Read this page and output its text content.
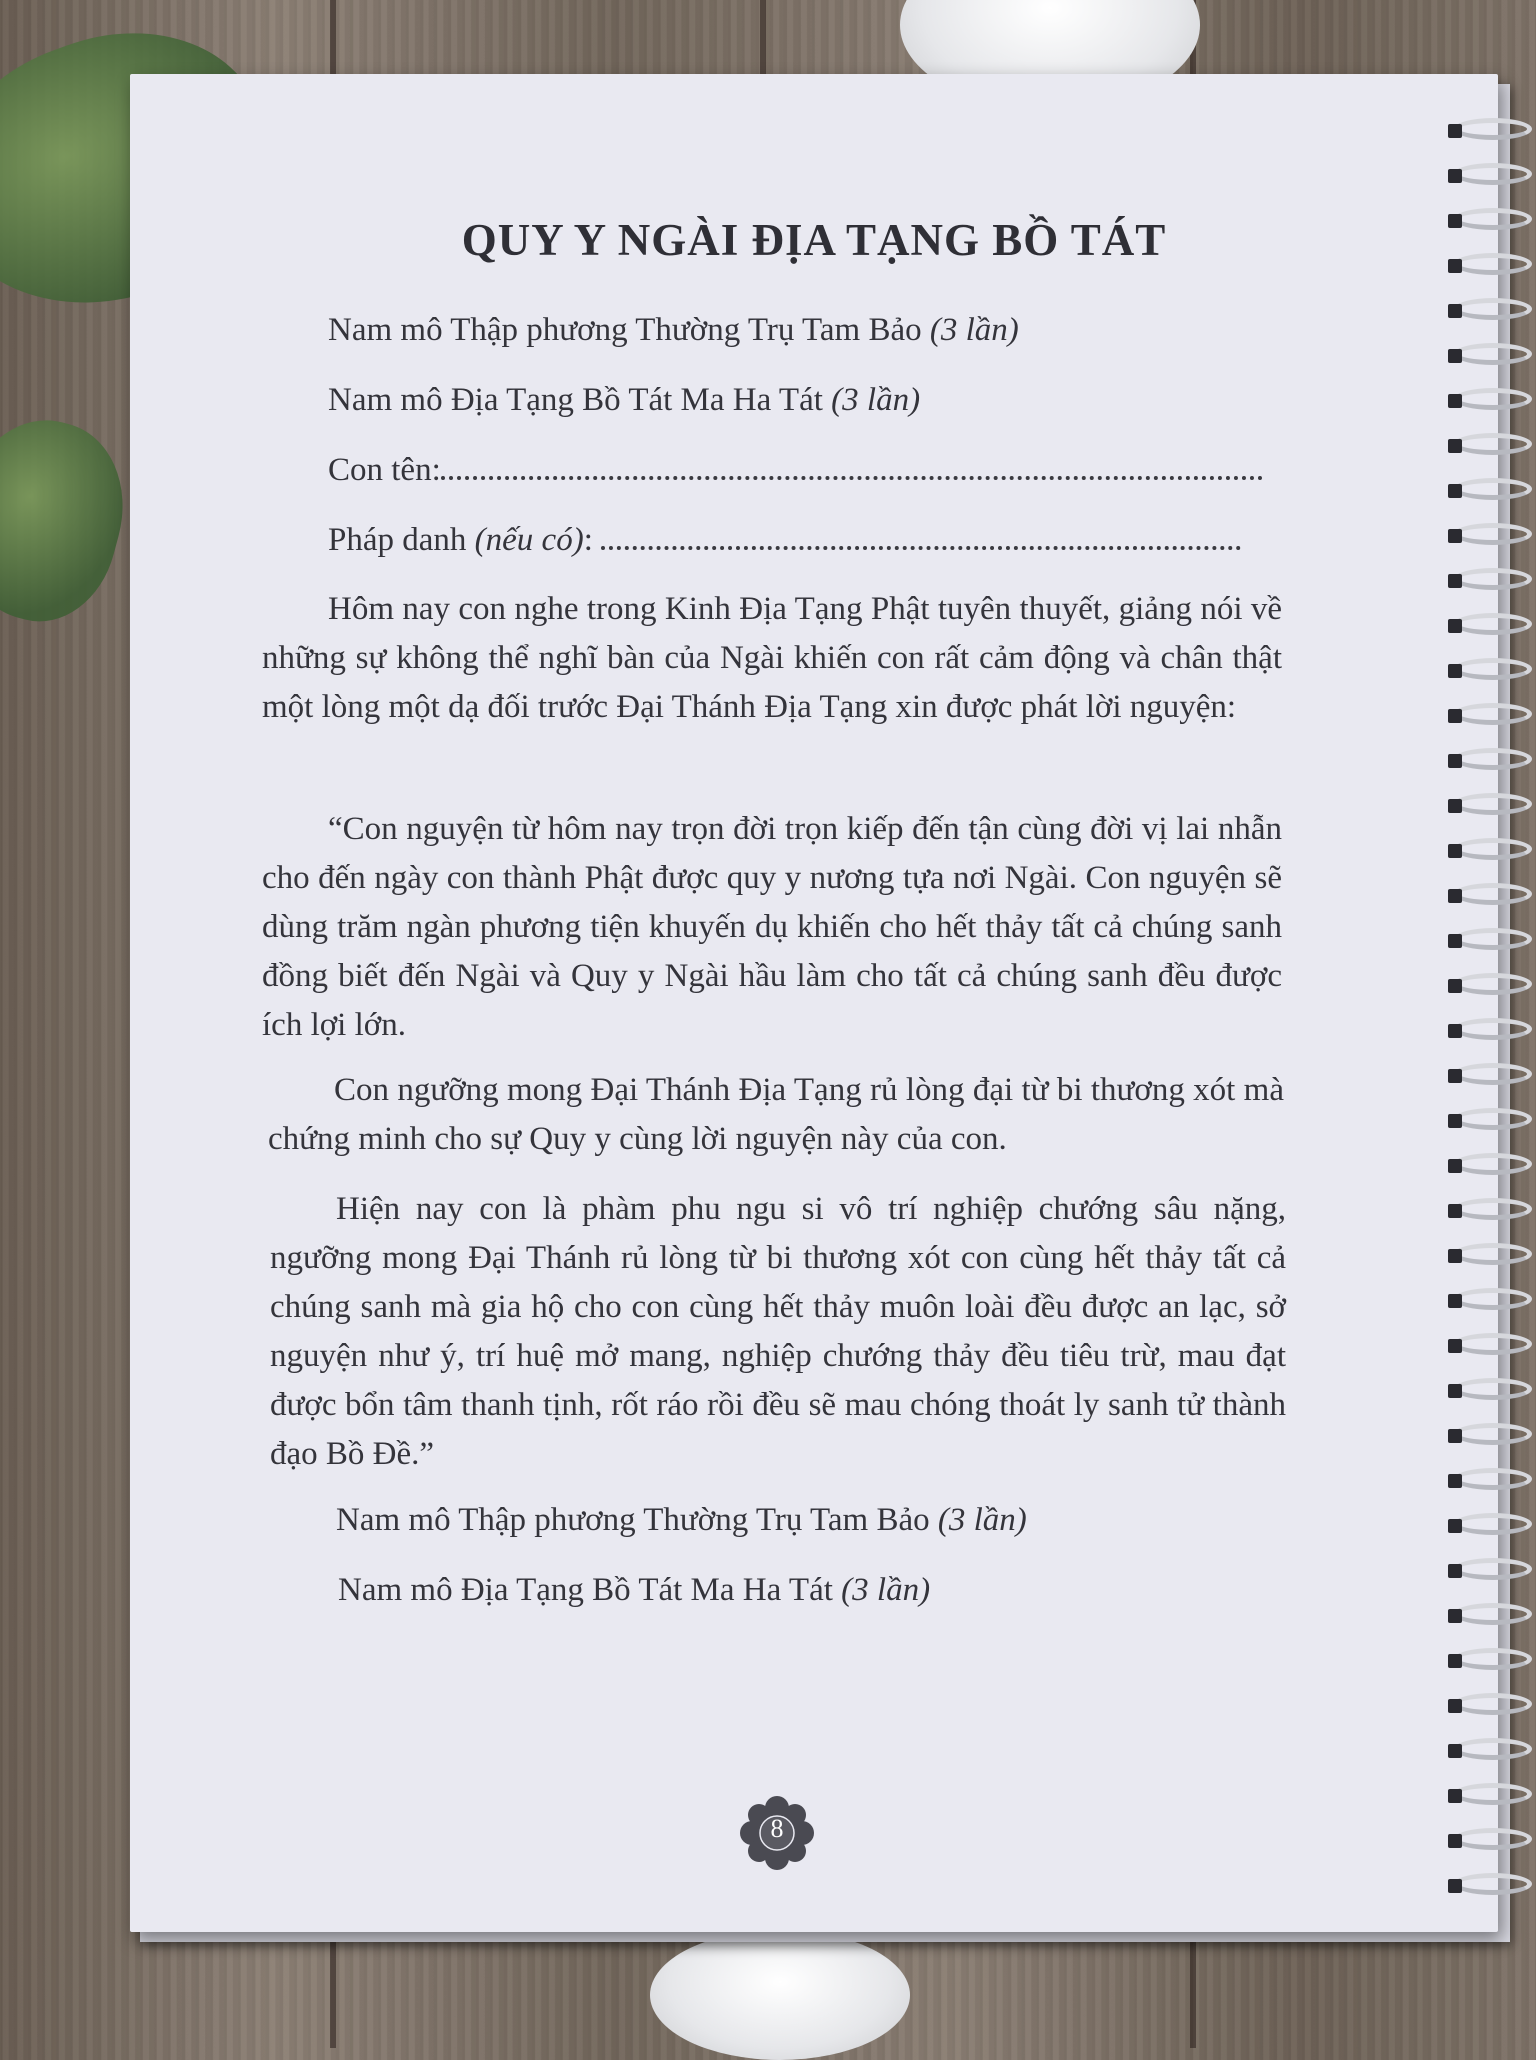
QUY Y NGÀI ĐỊA TẠNG BỒ TÁT
Nam mô Thập phương Thường Trụ Tam Bảo (3 lần)
Nam mô Địa Tạng Bồ Tát Ma Ha Tát (3 lần)
Con tên:
Pháp danh (nếu có):
Hôm nay con nghe trong Kinh Địa Tạng Phật tuyên thuyết, giảng nói về những sự không thể nghĩ bàn của Ngài khiến con rất cảm động và chân thật một lòng một dạ đối trước Đại Thánh Địa Tạng xin được phát lời nguyện:
“Con nguyện từ hôm nay trọn đời trọn kiếp đến tận cùng đời vị lai nhẫn cho đến ngày con thành Phật được quy y nương tựa nơi Ngài. Con nguyện sẽ dùng trăm ngàn phương tiện khuyến dụ khiến cho hết thảy tất cả chúng sanh đồng biết đến Ngài và Quy y Ngài hầu làm cho tất cả chúng sanh đều được ích lợi lớn.
Con ngưỡng mong Đại Thánh Địa Tạng rủ lòng đại từ bi thương xót mà chứng minh cho sự Quy y cùng lời nguyện này của con.
Hiện nay con là phàm phu ngu si vô trí nghiệp chướng sâu nặng, ngưỡng mong Đại Thánh rủ lòng từ bi thương xót con cùng hết thảy tất cả chúng sanh mà gia hộ cho con cùng hết thảy muôn loài đều được an lạc, sở nguyện như ý, trí huệ mở mang, nghiệp chướng thảy đều tiêu trừ, mau đạt được bổn tâm thanh tịnh, rốt ráo rồi đều sẽ mau chóng thoát ly sanh tử thành đạo Bồ Đề.”
Nam mô Thập phương Thường Trụ Tam Bảo (3 lần)
Nam mô Địa Tạng Bồ Tát Ma Ha Tát (3 lần)
8
